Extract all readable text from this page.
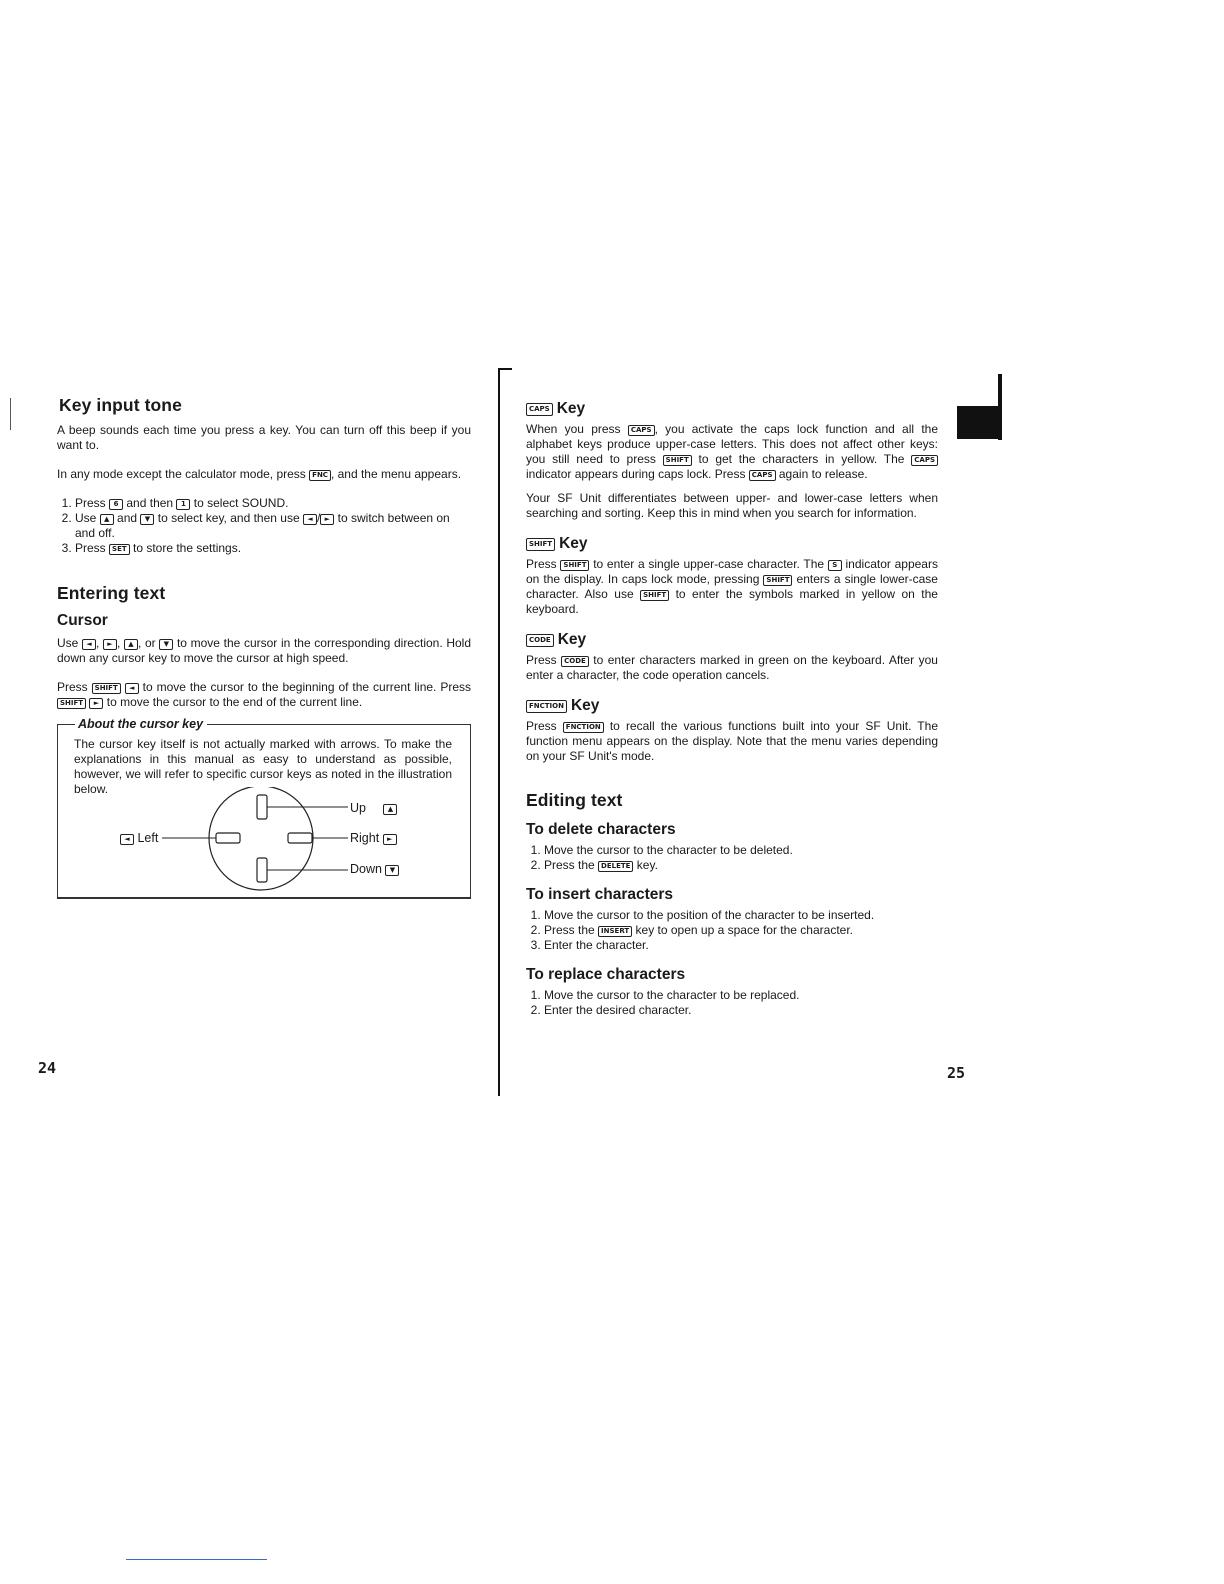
Key input tone

A beep sounds each time you press a key. You can turn off this beep if you want to.

In any mode except the calculator mode, press FNC , and the menu appears.

1. Press 6 and then 1 to select SOUND.
2. Use ▲ and ▼ to select key, and then use ◄ / ► to switch between on and off.
3. Press SET to store the settings.
Entering text
Cursor

Use ◄ , ► , ▲ , or ▼ to move the cursor in the corresponding direction. Hold down any cursor key to move the cursor at high speed.

Press SHIFT ◄ to move the cursor to the beginning of the current line. Press SHIFT ► to move the cursor to the end of the current line.

About the cursor key

The cursor key itself is not actually marked with arrows. To make the explanations in this manual as easy to understand as possible, however, we will refer to specific cursor keys as noted in the illustration below.

Up	▲
Right ►
Down ▼
◄ Left
24
CAPS Key

When you press CAPS , you activate the caps lock function and all the alphabet keys produce upper-case letters. This does not affect other keys: you still need to press SHIFT to get the characters in yellow. The CAPS indicator appears during caps lock. Press CAPS again to release.

Your SF Unit differentiates between upper- and lower-case letters when searching and sorting. Keep this in mind when you search for information.

SHIFT Key

Press SHIFT to enter a single upper-case character. The S indicator appears on the display. In caps lock mode, pressing SHIFT enters a single lower-case character. Also use SHIFT to enter the symbols marked in yellow on the keyboard.

CODE Key

Press CODE to enter characters marked in green on the keyboard. After you enter a character, the code operation cancels.

FNCTION Key

Press FNCTION to recall the various functions built into your SF Unit. The function menu appears on the display. Note that the menu varies depending on your SF Unit's mode.

Editing text
To delete characters
1. Move the cursor to the character to be deleted.
2. Press the DELETE key.
To insert characters
1. Move the cursor to the position of the character to be inserted.
2. Press the INSERT key to open up a space for the character.
3. Enter the character.
To replace characters
1. Move the cursor to the character to be replaced.
2. Enter the desired character.
25
